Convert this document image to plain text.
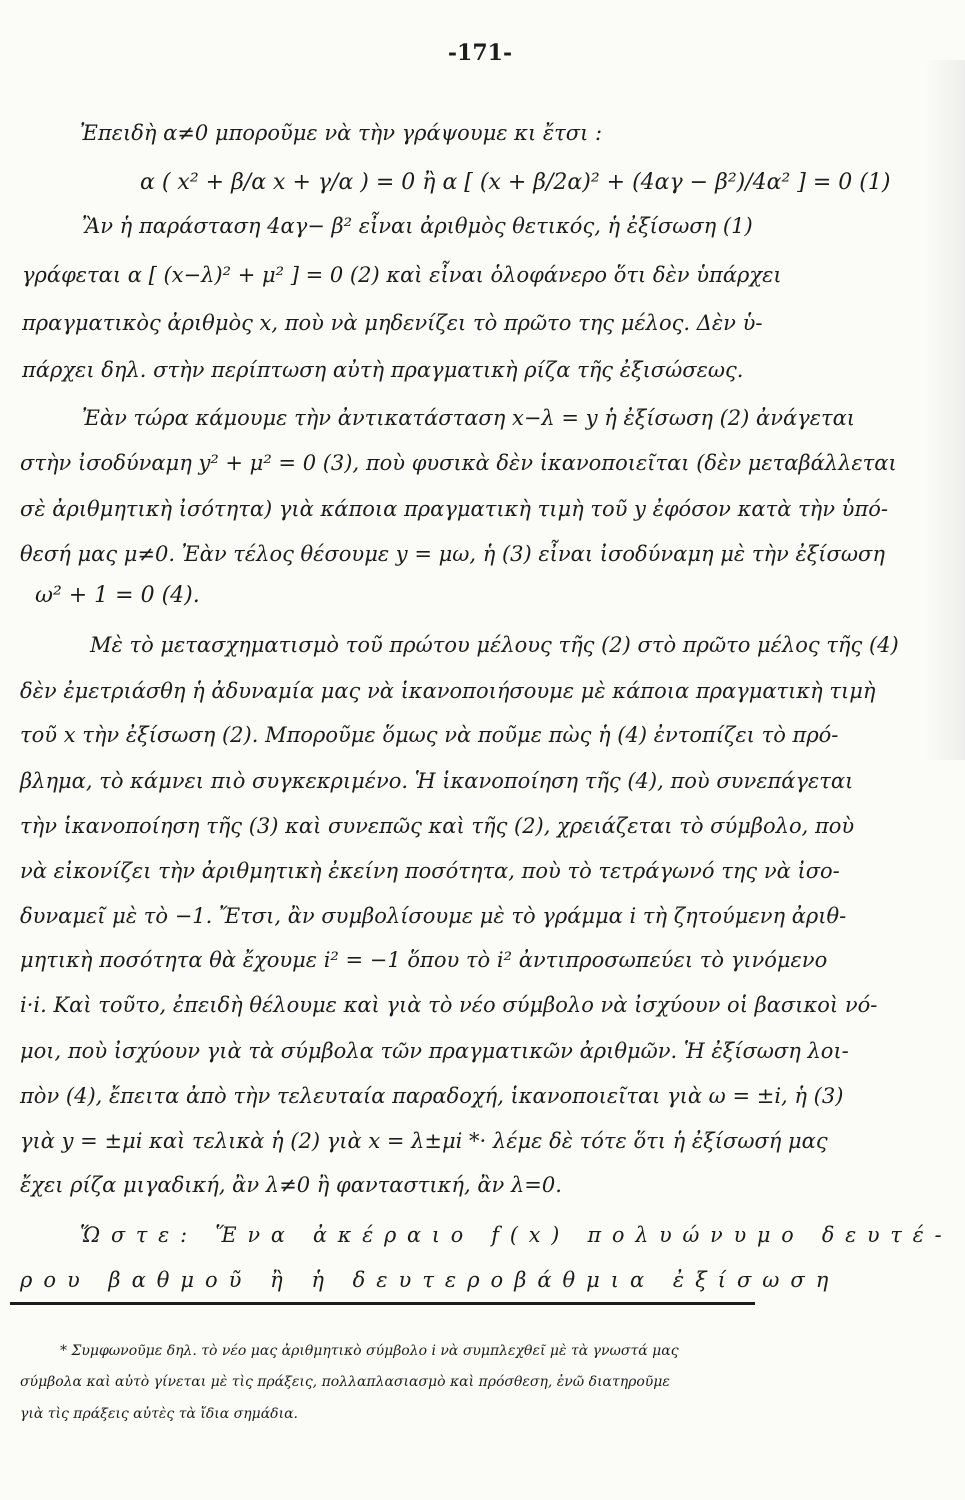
-171-
Ἐπειδὴ α≠0 μποροῦμε νὰ τὴν γράψουμε κι ἔτσι :
α ( x² + β/α x + γ/α ) = 0 ἢ α [ (x + β/2α)² + (4αγ − β²)/4α² ] = 0 (1)
Ἂν ἡ παράσταση 4αγ− β² εἶναι ἀριθμὸς θετικός, ἡ ἐξίσωση (1)
γράφεται α [ (x−λ)² + μ² ] = 0 (2) καὶ εἶναι ὁλοφάνερο ὅτι δὲν ὑπάρχει
πραγματικὸς ἀριθμὸς x, ποὺ νὰ μηδενίζει τὸ πρῶτο της μέλος. Δὲν ὑ-
πάρχει δηλ. στὴν περίπτωση αὐτὴ πραγματικὴ ρίζα τῆς ἐξισώσεως.
Ἐὰν τώρα κάμουμε τὴν ἀντικατάσταση x−λ = y ἡ ἐξίσωση (2) ἀνάγεται
στὴν ἰσοδύναμη y² + μ² = 0 (3), ποὺ φυσικὰ δὲν ἱκανοποιεῖται (δὲν μεταβάλλεται
σὲ ἀριθμητικὴ ἰσότητα) γιὰ κάποια πραγματικὴ τιμὴ τοῦ y ἐφόσον κατὰ τὴν ὑπό-
θεσή μας μ≠0. Ἐὰν τέλος θέσουμε y = μω, ἡ (3) εἶναι ἰσοδύναμη μὲ τὴν ἐξίσωση
ω² + 1 = 0 (4).
Μὲ τὸ μετασχηματισμὸ τοῦ πρώτου μέλους τῆς (2) στὸ πρῶτο μέλος τῆς (4)
δὲν ἐμετριάσθη ἡ ἀδυναμία μας νὰ ἱκανοποιήσουμε μὲ κάποια πραγματικὴ τιμὴ
τοῦ x τὴν ἐξίσωση (2). Μποροῦμε ὅμως νὰ ποῦμε πὼς ἡ (4) ἐντοπίζει τὸ πρό-
βλημα, τὸ κάμνει πιὸ συγκεκριμένο. Ἡ ἱκανοποίηση τῆς (4), ποὺ συνεπάγεται
τὴν ἱκανοποίηση τῆς (3) καὶ συνεπῶς καὶ τῆς (2), χρειάζεται τὸ σύμβολο, ποὺ
νὰ εἰκονίζει τὴν ἀριθμητικὴ ἐκείνη ποσότητα, ποὺ τὸ τετράγωνό της νὰ ἰσο-
δυναμεῖ μὲ τὸ −1. Ἔτσι, ἂν συμβολίσουμε μὲ τὸ γράμμα i τὴ ζητούμενη ἀριθ-
μητικὴ ποσότητα θὰ ἔχουμε i² = −1 ὅπου τὸ i² ἀντιπροσωπεύει τὸ γινόμενο
i·i. Καὶ τοῦτο, ἐπειδὴ θέλουμε καὶ γιὰ τὸ νέο σύμβολο νὰ ἰσχύουν οἱ βασικοὶ νό-
μοι, ποὺ ἰσχύουν γιὰ τὰ σύμβολα τῶν πραγματικῶν ἀριθμῶν. Ἡ ἐξίσωση λοι-
πὸν (4), ἔπειτα ἀπὸ τὴν τελευταία παραδοχή, ἱκανοποιεῖται γιὰ ω = ±i, ἡ (3)
γιὰ y = ±μi καὶ τελικὰ ἡ (2) γιὰ x = λ±μi *· λέμε δὲ τότε ὅτι ἡ ἐξίσωσή μας
ἔχει ρίζα μιγαδική, ἂν λ≠0 ἢ φανταστική, ἂν λ=0.
Ὥστε: Ἕνα ἀκέραιο f(x) πολυώνυμο δευτέ-
ρου βαθμοῦ ἢ ἡ δευτεροβάθμια ἐξίσωση
* Συμφωνοῦμε δηλ. τὸ νέο μας ἀριθμητικὸ σύμβολο i νὰ συμπλεχθεῖ μὲ τὰ γνωστά μας
σύμβολα καὶ αὐτὸ γίνεται μὲ τὶς πράξεις, πολλαπλασιασμὸ καὶ πρόσθεση, ἐνῶ διατηροῦμε
γιὰ τὶς πράξεις αὐτὲς τὰ ἴδια σημάδια.
